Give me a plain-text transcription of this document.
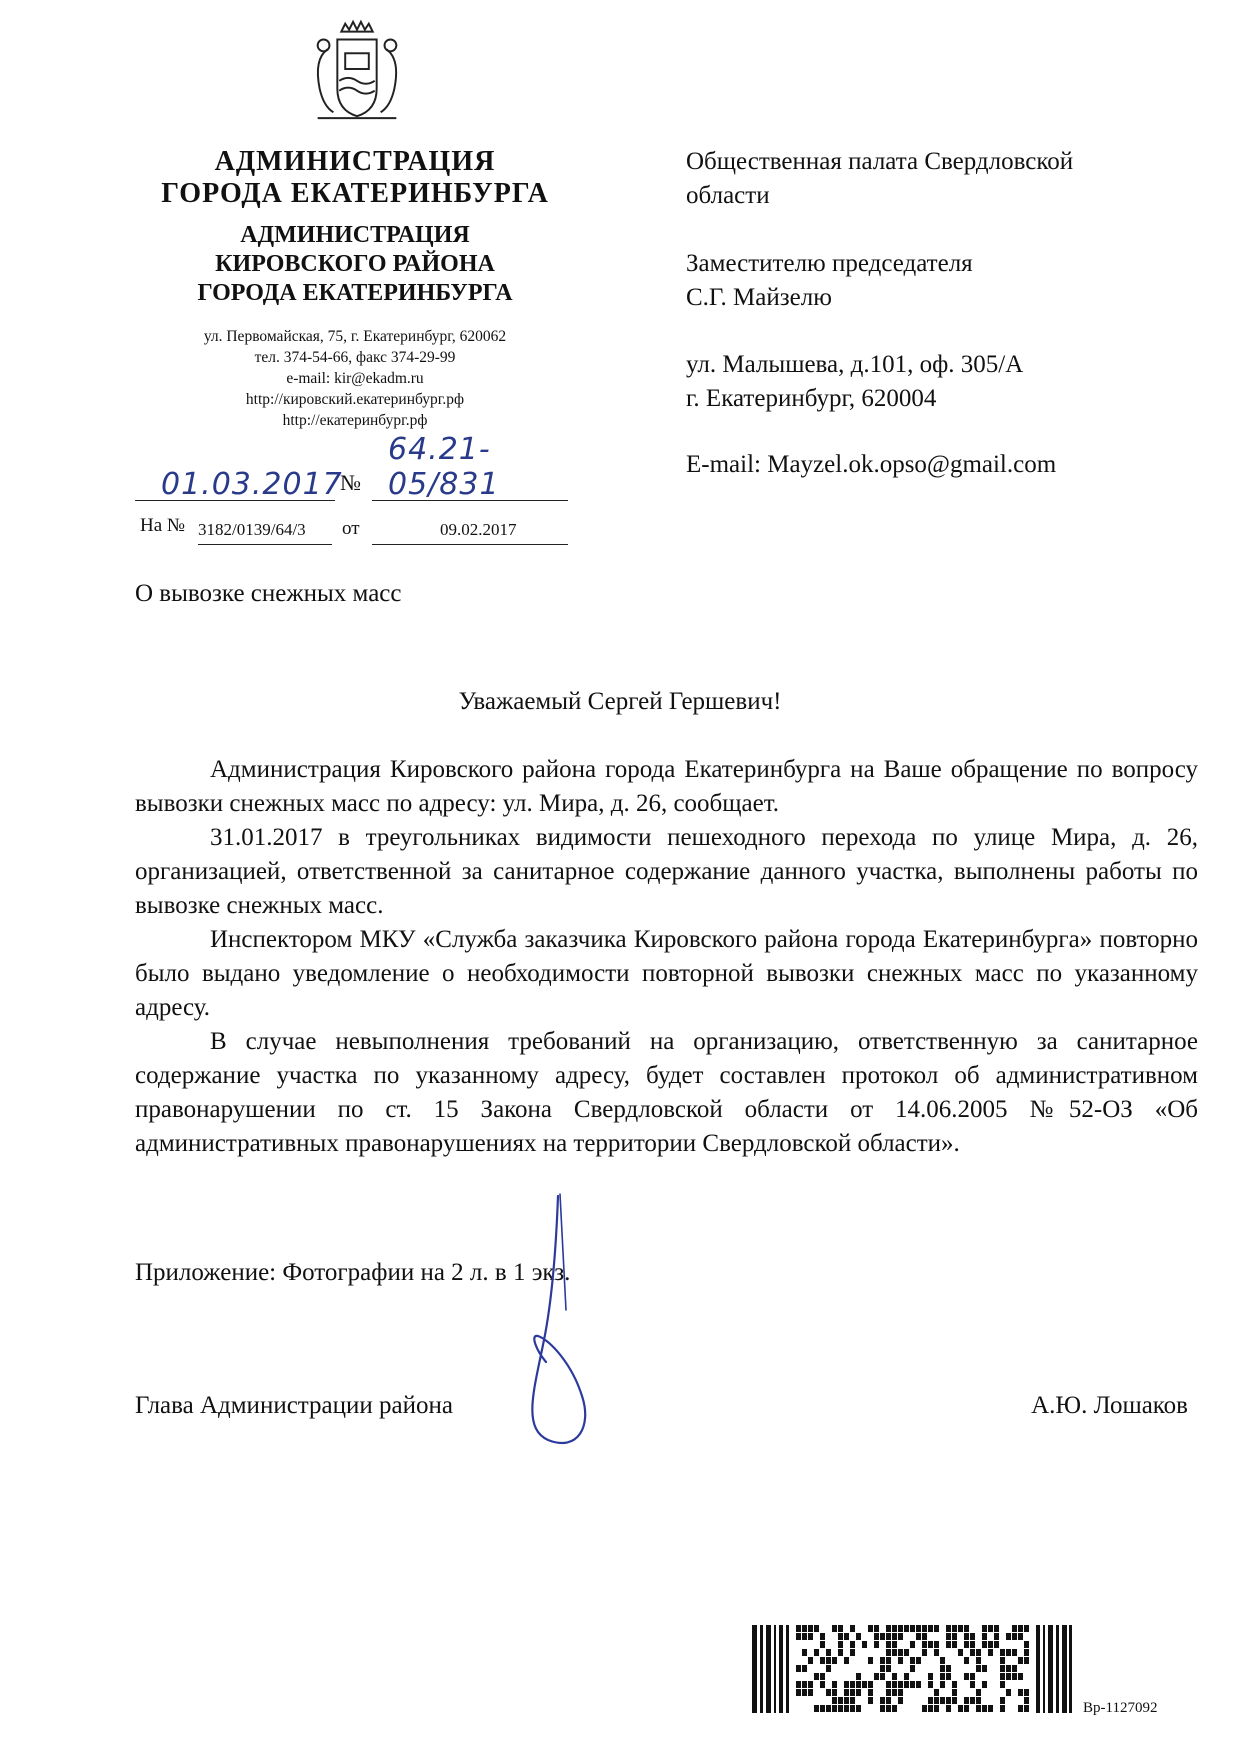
АДМИНИСТРАЦИЯ
ГОРОДА ЕКАТЕРИНБУРГА
АДМИНИСТРАЦИЯ
КИРОВСКОГО РАЙОНА
ГОРОДА ЕКАТЕРИНБУРГА
ул. Первомайская, 75, г. Екатеринбург, 620062
тел. 374-54-66, факс 374-29-99
e-mail: kir@ekadm.ru
http://кировский.екатеринбург.рф
http://екатеринбург.рф
01.03.2017
№
64.21-05/831
На № 3182/0139/64/3 от	09.02.2017
Общественная палата Свердловской
области
Заместителю председателя
С.Г. Майзелю
ул. Малышева, д.101, оф. 305/А
г. Екатеринбург, 620004
E-mail: Mayzel.ok.opso@gmail.com
О вывозке снежных масс
Уважаемый Сергей Гершевич!

Администрация Кировского района города Екатеринбурга на Ваше обращение по вопросу вывозки снежных масс по адресу: ул. Мира, д. 26, сообщает.

31.01.2017 в треугольниках видимости пешеходного перехода по улице Мира, д. 26, организацией, ответственной за санитарное содержание данного участка, выполнены работы по вывозке снежных масс.

Инспектором МКУ «Служба заказчика Кировского района города Екатеринбурга» повторно было выдано уведомление о необходимости повторной вывозки снежных масс по указанному адресу.

В случае невыполнения требований на организацию, ответственную за санитарное содержание участка по указанному адресу, будет составлен протокол об административном правонарушении по ст. 15 Закона Свердловской области от 14.06.2005 №52-ОЗ «Об административных правонарушениях на территории Свердловской области».

Приложение: Фотографии на 2 л. в 1 экз.
Глава Администрации района	А.Ю. Лошаков
Вр-1127092
